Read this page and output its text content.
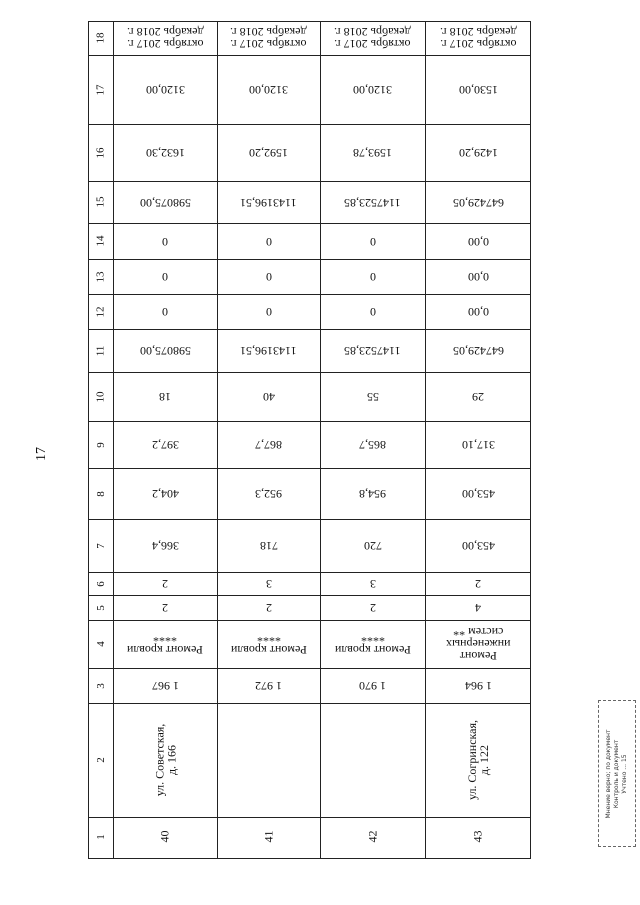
17
1
2
3
4
5
6
7
8
9
10
11
12
13
14
15
16
17
18
40
ул. Советская,
д. 166
1 967
Ремонт кровли
****
2
2
366,4
404,2
397,2
18
598075,00
0
0
0
598075,00
1632,30
3120,00
октябрь 2017 г.
декабрь 2018 г.
41
1 972
Ремонт кровли
****
2
3
718
952,3
867,7
40
1143196,51
0
0
0
1143196,51
1592,20
3120,00
октябрь 2017 г.
декабрь 2018 г.
42
1 970
Ремонт кровли
****
2
3
720
954,8
865,7
55
1147523,85
0
0
0
1147523,85
1593,78
3120,00
октябрь 2017 г.
декабрь 2018 г.
43
ул. Согринская,
д. 122
1 964
Ремонт
инженерных
систем **
4
2
453,00
453,00
317,10
29
647429,05
0,00
0,00
0,00
647429,05
1429,20
1530,00
октябрь 2017 г.
декабрь 2018 г.
Мнение верно; по документ Контроль и документ Учтено ... 15
